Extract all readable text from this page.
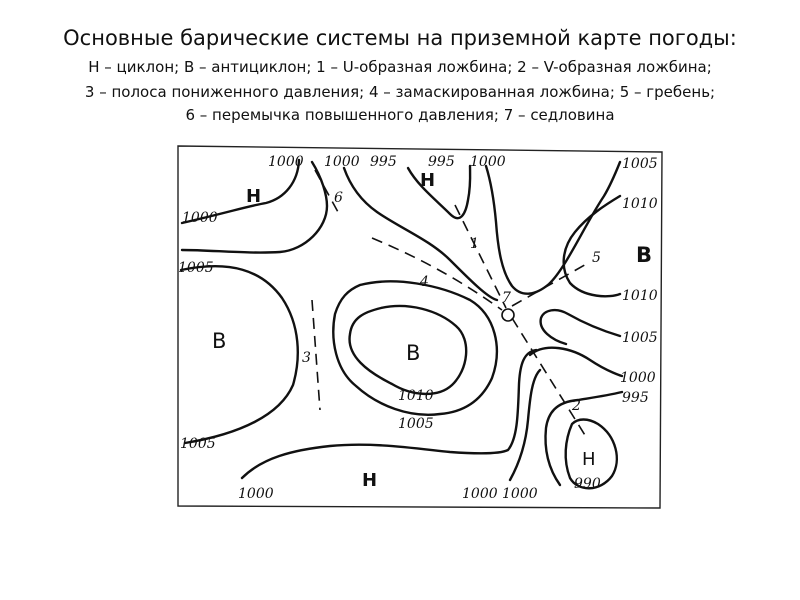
Основные барические системы на приземной карте погоды:
Н – циклон; В – антициклон; 1 – U-образная ложбина; 2 – V-образная ложбина;
3 – полоса пониженного давления; 4 – замаскированная ложбина; 5 – гребень;
6 – перемычка повышенного давления; 7 – седловина
1000 1000 995 995 1000	1005
1010
1010
1005
1000
995
1000
1005
1005
1010
1005
1000	1000 1000
990
Н
Н
В
В	В
Н
Н
1
2
3
4
5
6
7
